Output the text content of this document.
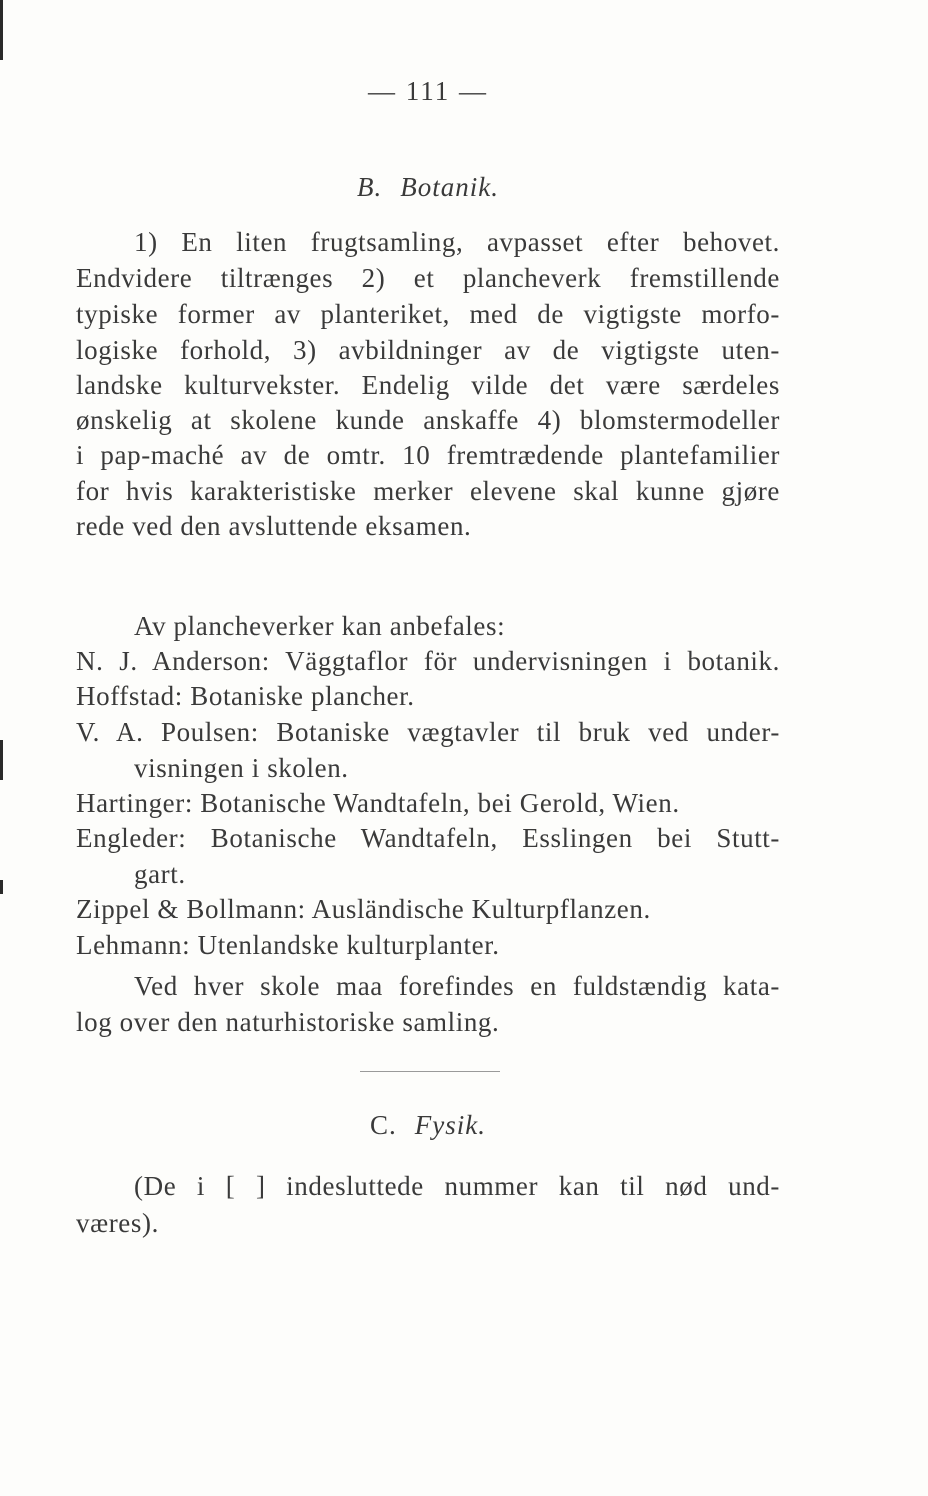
— 111 —
B. Botanik.
1) En liten frugtsamling, avpasset efter behovet.
Endvidere tiltrænges 2) et plancheverk fremstillende
typiske former av planteriket, med de vigtigste morfo-
logiske forhold, 3) avbildninger av de vigtigste uten-
landske kulturvekster. Endelig vilde det være særdeles
ønskelig at skolene kunde anskaffe 4) blomstermodeller
i pap-maché av de omtr. 10 fremtrædende plantefamilier
for hvis karakteristiske merker elevene skal kunne gjøre
rede ved den avsluttende eksamen.
Av plancheverker kan anbefales:
N. J. Anderson: Väggtaflor för undervisningen i botanik.
Hoffstad: Botaniske plancher.
V. A. Poulsen: Botaniske vægtavler til bruk ved under-
visningen i skolen.
Hartinger: Botanische Wandtafeln, bei Gerold, Wien.
Engleder: Botanische Wandtafeln, Esslingen bei Stutt-
gart.
Zippel & Bollmann: Ausländische Kulturpflanzen.
Lehmann: Utenlandske kulturplanter.
Ved hver skole maa forefindes en fuldstændig kata-
log over den naturhistoriske samling.
C. Fysik.
(De i [ ] indesluttede nummer kan til nød und-
væres).
